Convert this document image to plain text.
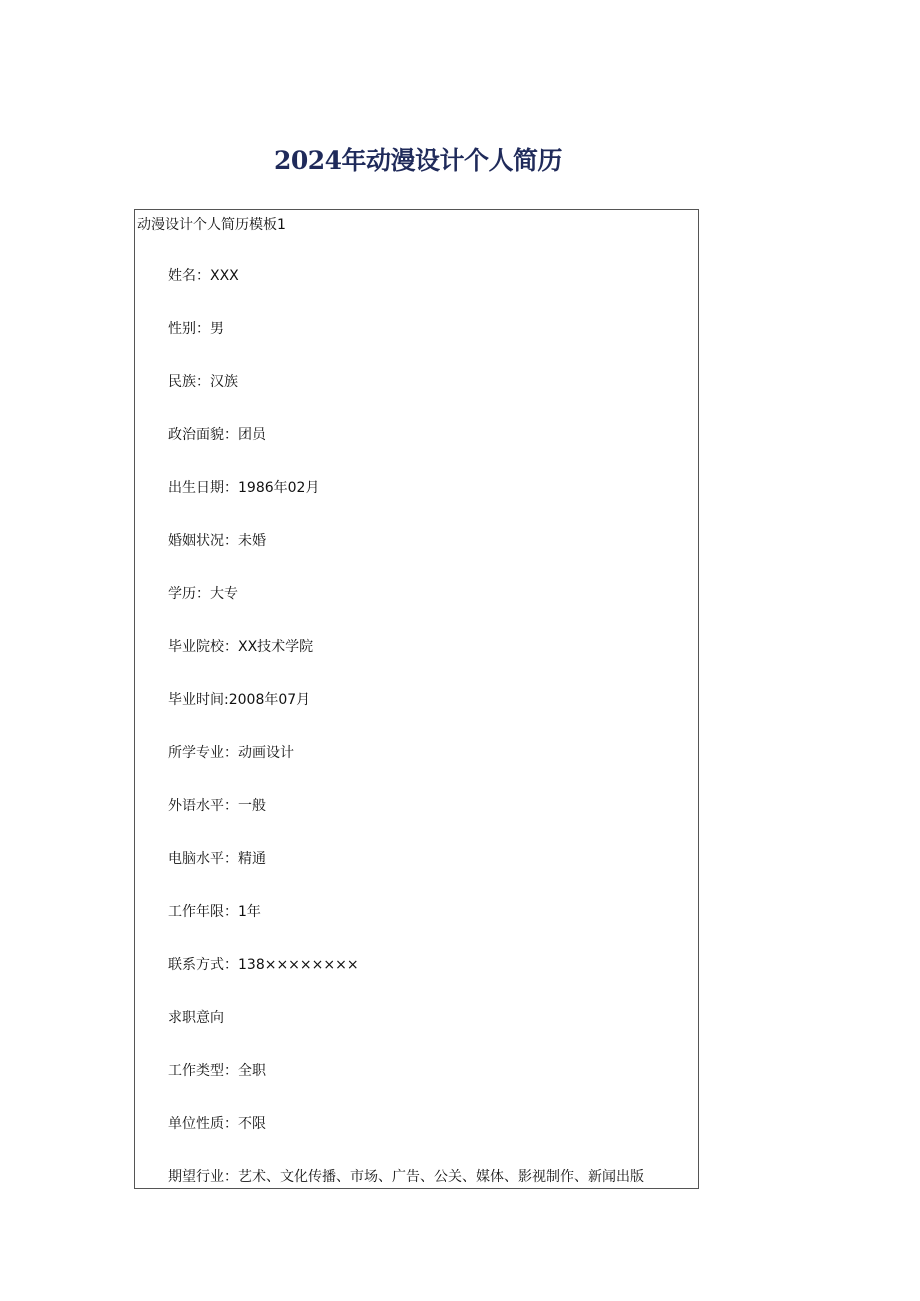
2024年动漫设计个人简历
动漫设计个人简历模板1
姓名：XXX
性别：男
民族：汉族
政治面貌：团员
出生日期：1986年02月
婚姻状况：未婚
学历：大专
毕业院校：XX技术学院
毕业时间:2008年07月
所学专业：动画设计
外语水平：一般
电脑水平：精通
工作年限：1年
联系方式：138××××××××
求职意向
工作类型：全职
单位性质：不限
期望行业：艺术、文化传播、市场、广告、公关、媒体、影视制作、新闻出版
